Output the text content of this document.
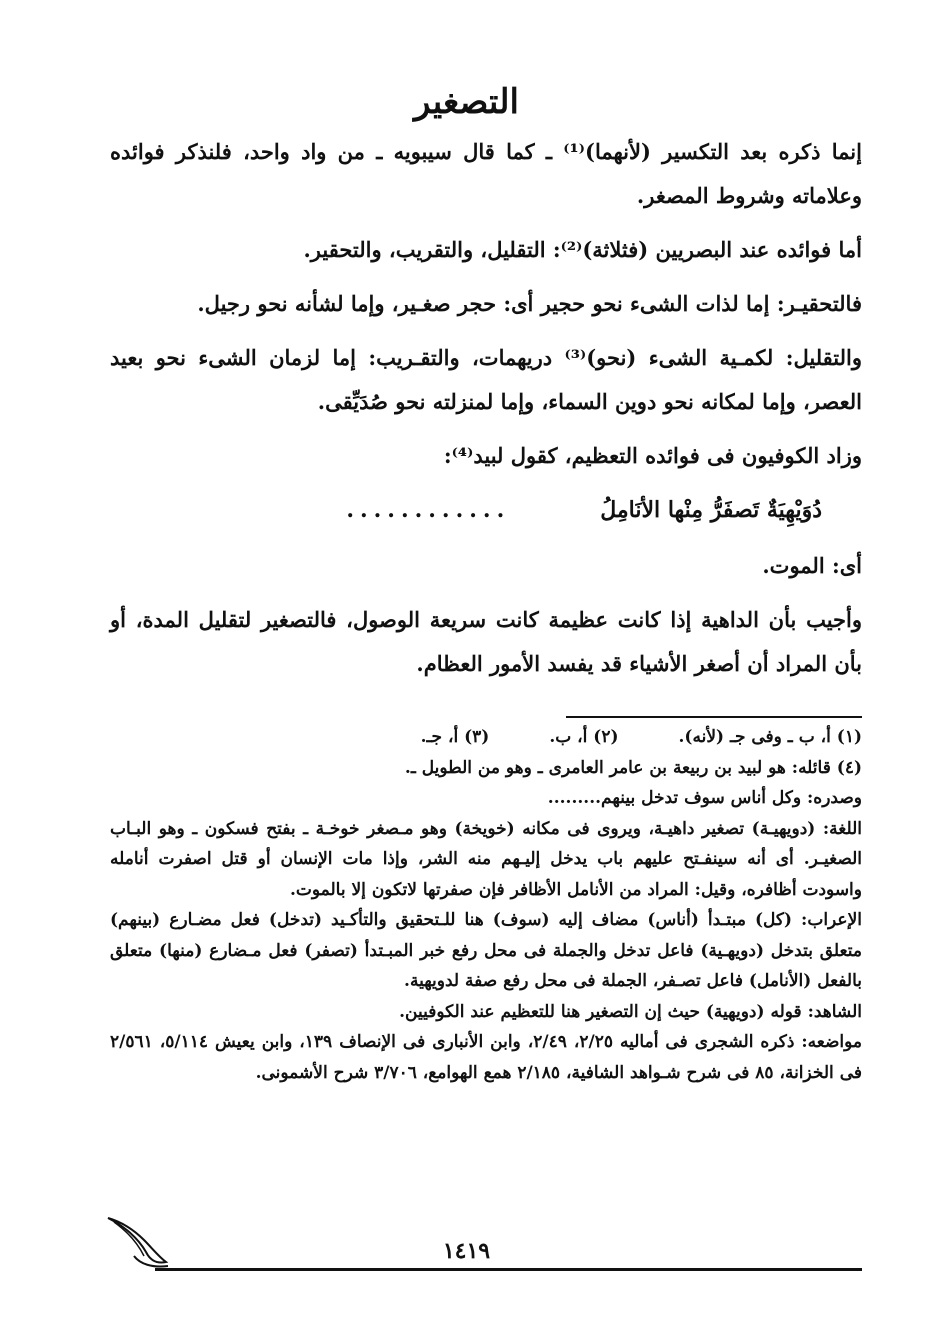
التصغير

إنما ذكره بعد التكسير (لأنهما)⁽¹⁾ ـ كما قال سيبويه ـ من واد واحد، فلنذكر فوائده وعلاماته وشروط المصغر.

أما فوائده عند البصريين (فثلاثة)⁽²⁾: التقليل، والتقريب، والتحقير.

فالتحقيـر: إما لذات الشىء نحو حجير أى: حجر صغـير، وإما لشأنه نحو رجيل.

والتقليل: لكمـية الشىء (نحو)⁽³⁾ دريهمات، والتقـريب: إما لزمان الشىء نحو بعيد العصر، وإما لمكانه نحو دوين السماء، وإما لمنزلته نحو صُدَيِّقى.

وزاد الكوفيون فى فوائده التعظيم، كقول لبيد⁽⁴⁾:

دُوَيْهِيَةٌ تَصفَرُّ مِنْها الأنَامِلُ
............

أى: الموت.

وأجيب بأن الداهية إذا كانت عظيمة كانت سريعة الوصول، فالتصغير لتقليل المدة، أو بأن المراد أن أصغر الأشياء قد يفسد الأمور العظام.

(١) أ، ب ـ وفى جـ (لأنه).
(٢) أ، ب.
(٣) أ، جـ.

(٤) قائله: هو لبيد بن ربيعة بن عامر العامرى ـ وهو من الطويل ـ.

وصدره: وكل أناس سوف تدخل بينهم.........

اللغة: (دويهيـة) تصغير داهيـة، ويروى فى مكانه (خويخة) وهو مـصغر خوخـة ـ بفتح فسكون ـ وهو البـاب الصغيـر. أى أنه سينفـتح عليهم باب يدخل إليـهم منه الشر، وإذا مات الإنسان أو قتل اصفرت أنامله واسودت أظافره، وقيل: المراد من الأنامل الأظافر فإن صفرتها لاتكون إلا بالموت.

الإعراب: (كل) مبتـدأ (أناس) مضاف إليه (سوف) هنا للـتحقيق والتأكـيد (تدخل) فعل مضـارع (بينهم) متعلق بتدخل (دويهـية) فاعل تدخل والجملة فى محل رفع خبر المبـتدأ (تصفر) فعل مـضارع (منها) متعلق بالفعل (الأنامل) فاعل تصـفر، الجملة فى محل رفع صفة لدويهية.

الشاهد: قوله (دويهية) حيث إن التصغير هنا للتعظيم عند الكوفيين.

مواضعه: ذكره الشجرى فى أماليه ٢/٢٥، ٢/٤٩، وابن الأنبارى فى الإنصاف ١٣٩، وابن يعيش ٥/١١٤، ٢/٥٦١ فى الخزانة، ٨٥ فى شرح شـواهد الشافية، ٢/١٨٥ همع الهوامع، ٣/٧٠٦ شرح الأشمونى.

١٤١٩
